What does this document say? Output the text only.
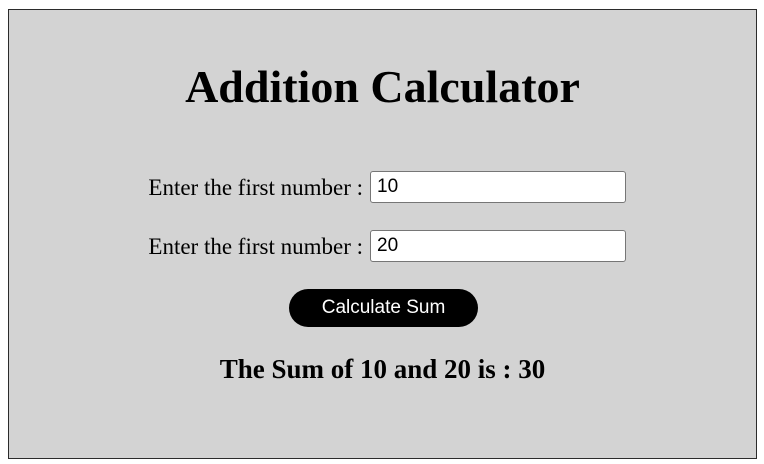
Addition Calculator
Enter the first number :
10
Enter the first number :
20
Calculate Sum
The Sum of 10 and 20 is : 30
